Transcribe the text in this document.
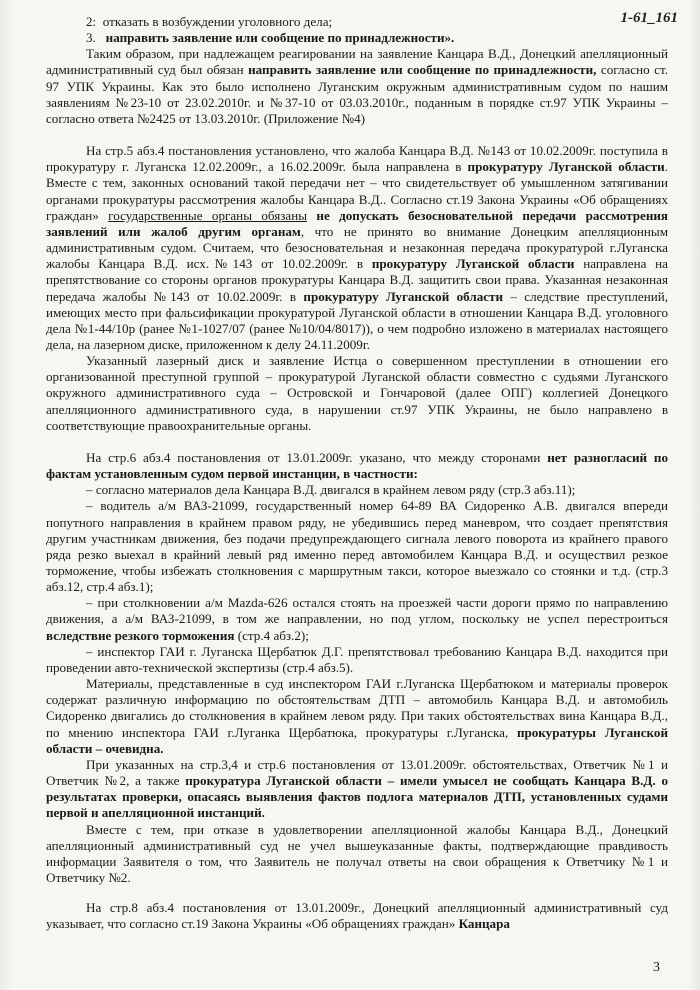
1-61_161

2: отказать в возбуждении уголовного дела;

3. направить заявление или сообщение по принадлежности».

Таким образом, при надлежащем реагировании на заявление Канцара В.Д., Донецкий апелляционный административный суд был обязан направить заявление или сообщение по принадлежности, согласно ст. 97 УПК Украины. Как это было исполнено Луганским окружным административным судом по нашим заявлениям №23-10 от 23.02.2010г. и №37-10 от 03.03.2010г., поданным в порядке ст.97 УПК Украины – согласно ответа №2425 от 13.03.2010г. (Приложение №4)

На стр.5 абз.4 постановления установлено, что жалоба Канцара В.Д. №143 от 10.02.2009г. поступила в прокуратуру г. Луганска 12.02.2009г., а 16.02.2009г. была направлена в прокуратуру Луганской области. Вместе с тем, законных оснований такой передачи нет – что свидетельствует об умышленном затягивании органами прокуратуры рассмотрения жалобы Канцара В.Д.. Согласно ст.19 Закона Украины «Об обращениях граждан» государственные органы обязаны не допускать безосновательной передачи рассмотрения заявлений или жалоб другим органам, что не принято во внимание Донецким апелляционным административным судом. Считаем, что безосновательная и незаконная передача прокуратурой г.Луганска жалобы Канцара В.Д. исх.№143 от 10.02.2009г. в прокуратуру Луганской области направлена на препятствование со стороны органов прокуратуры Канцара В.Д. защитить свои права. Указанная незаконная передача жалобы №143 от 10.02.2009г. в прокуратуру Луганской области – следствие преступлений, имеющих место при фальсификации прокуратурой Луганской области в отношении Канцара В.Д. уголовного дела №1-44/10р (ранее №1-1027/07 (ранее №10/04/8017)), о чем подробно изложено в материалах настоящего дела, на лазерном диске, приложенном к делу 24.11.2009г.

Указанный лазерный диск и заявление Истца о совершенном преступлении в отношении его организованной преступной группой – прокуратурой Луганской области совместно с судьями Луганского окружного административного суда – Островской и Гончаровой (далее ОПГ) коллегией Донецкого апелляционного административного суда, в нарушении ст.97 УПК Украины, не было направлено в соответствующие правоохранительные органы.

На стр.6 абз.4 постановления от 13.01.2009г. указано, что между сторонами нет разногласий по фактам установленным судом первой инстанции, в частности:

– согласно материалов дела Канцара В.Д. двигался в крайнем левом ряду (стр.3 абз.11);

– водитель а/м ВАЗ-21099, государственный номер 64-89 ВА Сидоренко А.В. двигался впереди попутного направления в крайнем правом ряду, не убедившись перед маневром, что создает препятствия другим участникам движения, без подачи предупреждающего сигнала левого поворота из крайнего правого ряда резко выехал в крайний левый ряд именно перед автомобилем Канцара В.Д. и осуществил резкое торможение, чтобы избежать столкновения с маршрутным такси, которое выезжало со стоянки и т.д. (стр.3 абз.12, стр.4 абз.1);

– при столкновении а/м Mazda-626 остался стоять на проезжей части дороги прямо по направлению движения, а а/м ВАЗ-21099, в том же направлении, но под углом, поскольку не успел перестроиться вследствие резкого торможения (стр.4 абз.2);

– инспектор ГАИ г. Луганска Щербатюк Д.Г. препятствовал требованию Канцара В.Д. находится при проведении авто-технической экспертизы (стр.4 абз.5).

Материалы, представленные в суд инспектором ГАИ г.Луганска Щербатюком и материалы проверок содержат различную информацию по обстоятельствам ДТП – автомобиль Канцара В.Д. и автомобиль Сидоренко двигались до столкновения в крайнем левом ряду. При таких обстоятельствах вина Канцара В.Д., по мнению инспектора ГАИ г.Луганка Щербатюка, прокуратуры г.Луганска, прокуратуры Луганской области – очевидна.

При указанных на стр.3,4 и стр.6 постановления от 13.01.2009г. обстоятельствах, Ответчик №1 и Ответчик №2, а также прокуратура Луганской области – имели умысел не сообщать Канцара В.Д. о результатах проверки, опасаясь выявления фактов подлога материалов ДТП, установленных судами первой и апелляционной инстанций.

Вместе с тем, при отказе в удовлетворении апелляционной жалобы Канцара В.Д., Донецкий апелляционный административный суд не учел вышеуказанные факты, подтверждающие правдивость информации Заявителя о том, что Заявитель не получал ответы на свои обращения к Ответчику №1 и Ответчику №2.

На стр.8 абз.4 постановления от 13.01.2009г., Донецкий апелляционный административный суд указывает, что согласно ст.19 Закона Украины «Об обращениях граждан» Канцара

3
